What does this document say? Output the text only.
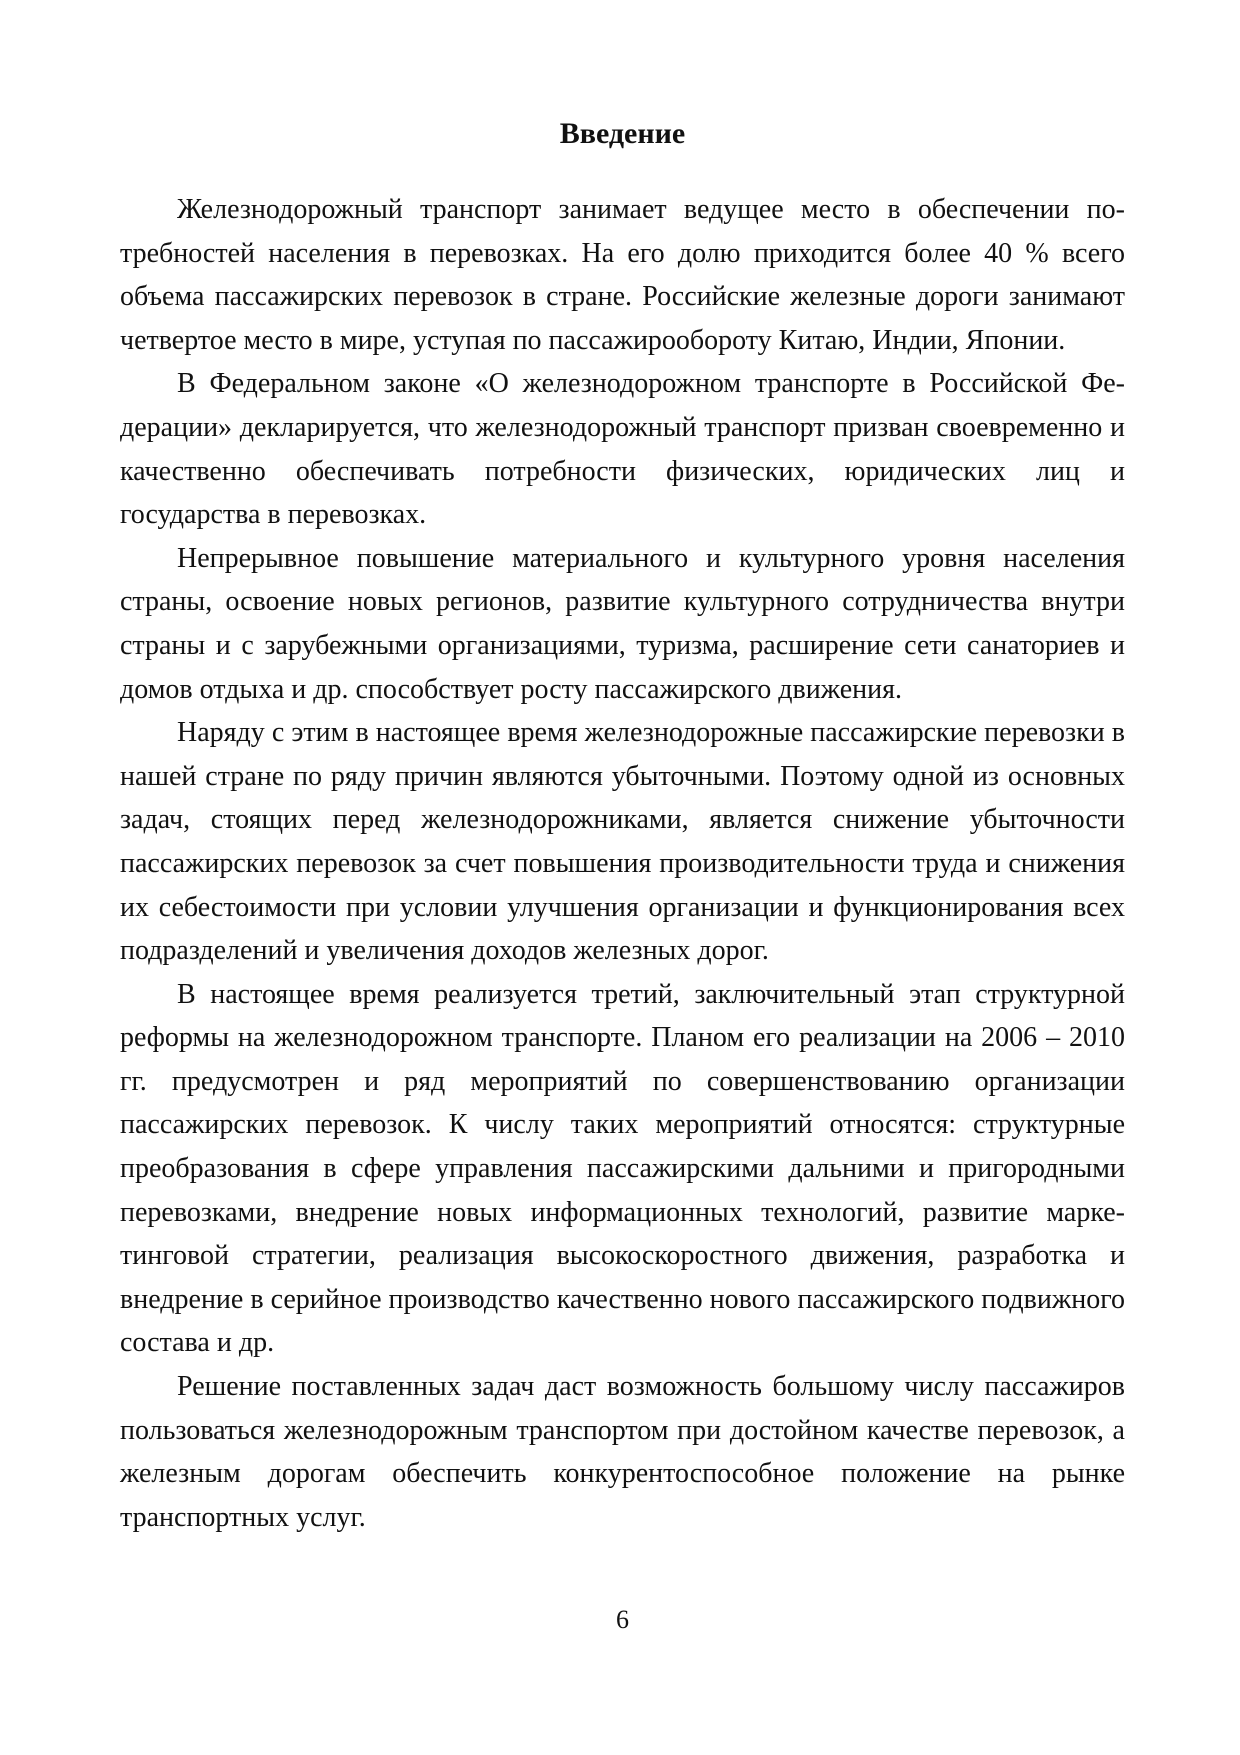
Введение

Железнодорожный транспорт занимает ведущее место в обеспечении потребностей населения в перевозках. На его долю приходится более 40 % всего объема пассажирских перевозок в стране. Российские железные дороги занимают четвертое место в мире, уступая по пассажирообороту Китаю, Индии, Японии.

В Федеральном законе «О железнодорожном транспорте в Российской Федерации» декларируется, что железнодорожный транспорт призван своевременно и качественно обеспечивать потребности физических, юридических лиц и государства в перевозках.

Непрерывное повышение материального и культурного уровня населения страны, освоение новых регионов, развитие культурного сотрудничества внутри страны и с зарубежными организациями, туризма, расширение сети санаториев и домов отдыха и др. способствует росту пассажирского движения.

Наряду с этим в настоящее время железнодорожные пассажирские перевозки в нашей стране по ряду причин являются убыточными. Поэтому одной из основных задач, стоящих перед железнодорожниками, является снижение убыточности пассажирских перевозок за счет повышения производительности труда и снижения их себестоимости при условии улучшения организации и функционирования всех подразделений и увеличения доходов железных дорог.

В настоящее время реализуется третий, заключительный этап структурной реформы на железнодорожном транспорте. Планом его реализации на 2006 – 2010 гг. предусмотрен и ряд мероприятий по совершенствованию организации пассажирских перевозок. К числу таких мероприятий относятся: структурные преобразования в сфере управления пассажирскими дальними и пригородными перевозками, внедрение новых информационных технологий, развитие маркетинговой стратегии, реализация высокоскоростного движения, разработка и внедрение в серийное производство качественно нового пассажирского подвижного состава и др.

Решение поставленных задач даст возможность большому числу пассажиров пользоваться железнодорожным транспортом при достойном качестве перевозок, а железным дорогам обеспечить конкурентоспособное положение на рынке транспортных услуг.

6
